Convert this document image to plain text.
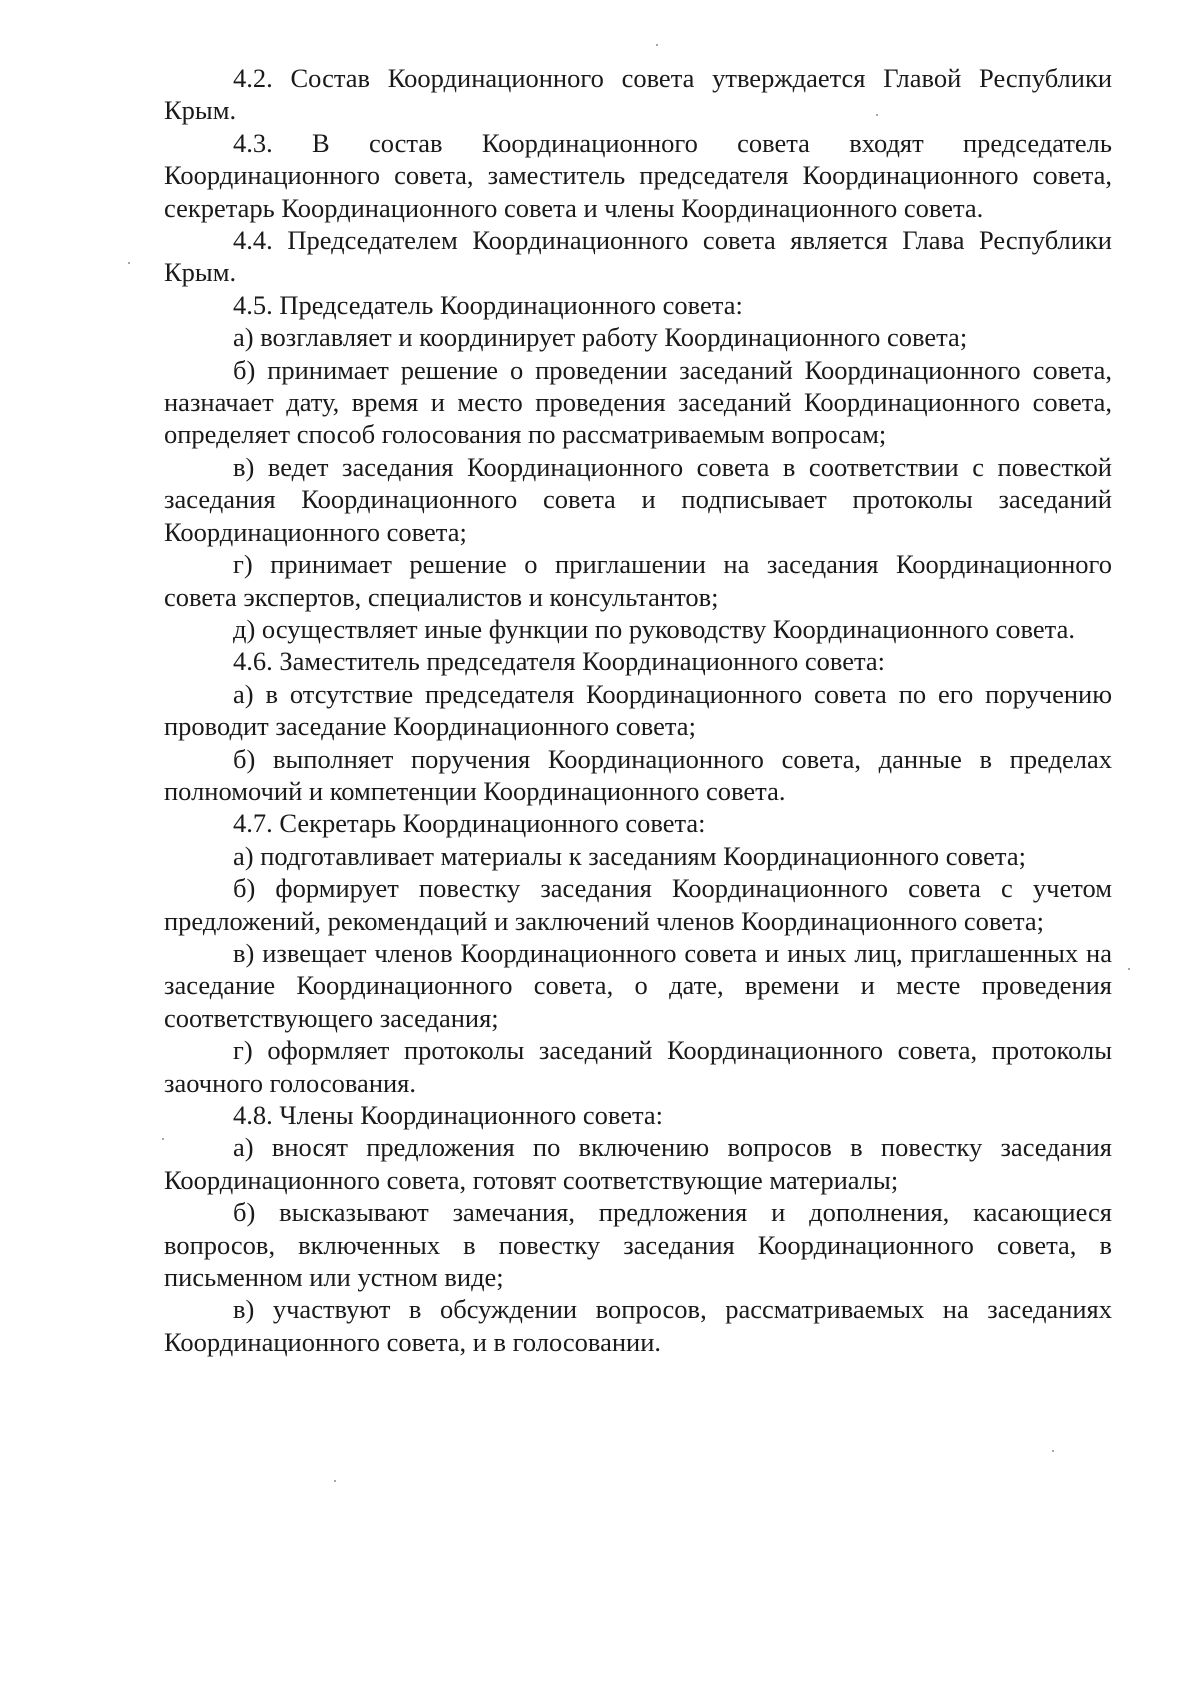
4.2. Состав Координационного совета утверждается Главой Республики Крым.

4.3. В состав Координационного совета входят председатель Координационного совета, заместитель председателя Координационного совета, секретарь Координационного совета и члены Координационного совета.

4.4. Председателем Координационного совета является Глава Республики Крым.

4.5. Председатель Координационного совета:

а) возглавляет и координирует работу Координационного совета;

б) принимает решение о проведении заседаний Координационного совета, назначает дату, время и место проведения заседаний Координационного совета, определяет способ голосования по рассматриваемым вопросам;

в) ведет заседания Координационного совета в соответствии с повесткой заседания Координационного совета и подписывает протоколы заседаний Координационного совета;

г) принимает решение о приглашении на заседания Координационного совета экспертов, специалистов и консультантов;

д) осуществляет иные функции по руководству Координационного совета.

4.6. Заместитель председателя Координационного совета:

а) в отсутствие председателя Координационного совета по его поручению проводит заседание Координационного совета;

б) выполняет поручения Координационного совета, данные в пределах полномочий и компетенции Координационного совета.

4.7. Секретарь Координационного совета:

а) подготавливает материалы к заседаниям Координационного совета;

б) формирует повестку заседания Координационного совета с учетом предложений, рекомендаций и заключений членов Координационного совета;

в) извещает членов Координационного совета и иных лиц, приглашенных на заседание Координационного совета, о дате, времени и месте проведения соответствующего заседания;

г) оформляет протоколы заседаний Координационного совета, протоколы заочного голосования.

4.8. Члены Координационного совета:

а) вносят предложения по включению вопросов в повестку заседания Координационного совета, готовят соответствующие материалы;

б) высказывают замечания, предложения и дополнения, касающиеся вопросов, включенных в повестку заседания Координационного совета, в письменном или устном виде;

в) участвуют в обсуждении вопросов, рассматриваемых на заседаниях Координационного совета, и в голосовании.
